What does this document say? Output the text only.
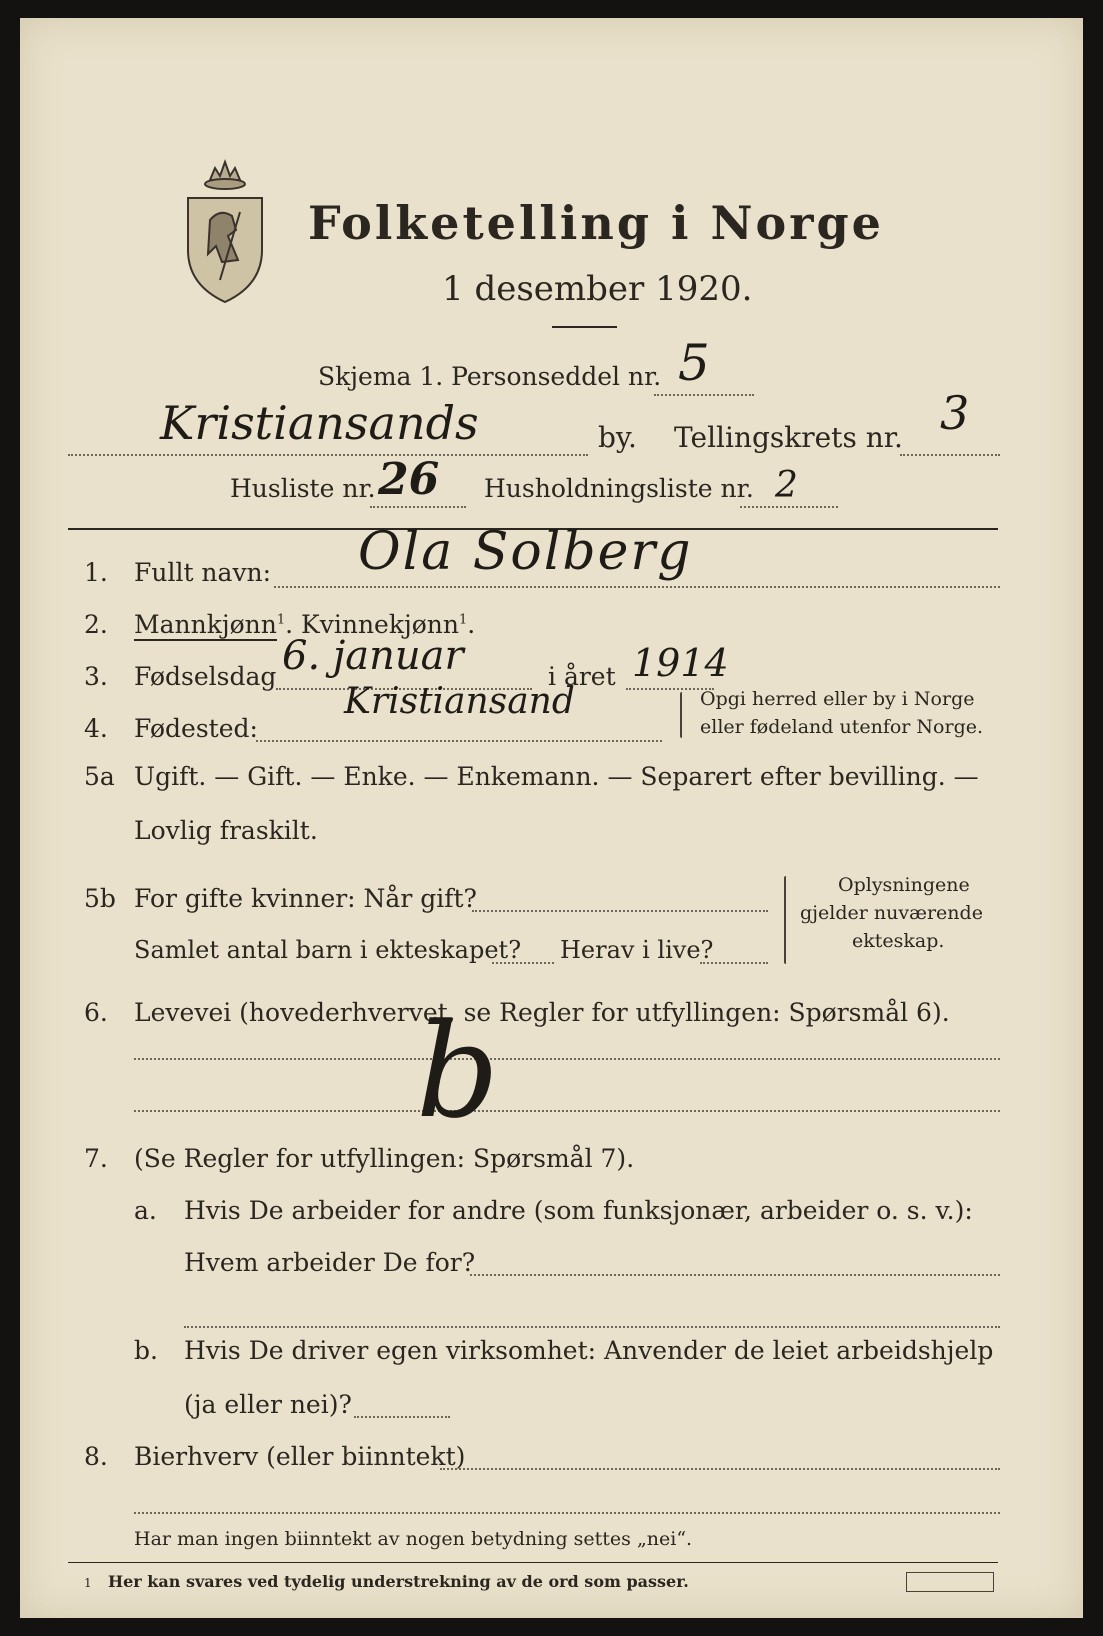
Folketelling i Norge
1 desember 1920.
Skjema 1. Personseddel nr. 5
Kristiansands	by. Tellingskrets nr. 3
Husliste nr. 26 Husholdningsliste nr. 2
1. Fullt navn: Ola Solberg
2. Mannkjønn$^1$. Kvinnekjønn$^1$.
3. Fødselsdag 6. januar	i året 1914
4. Fødested:
Kristiansand	Opgi herred eller by i Norge
eller fødeland utenfor Norge.
5a Ugift. — Gift. — Enke. — Enkemann. — Separert efter bevilling. —
Lovlig fraskilt.
5b For gifte kvinner: Når gift?
Samlet antal barn i ekteskapet? Herav i live?
Oplysningene
gjelder nuværende
ekteskap.
6. Levevei (hovederhvervet, se Regler for utfyllingen: Spørsmål 6).
b
7. (Se Regler for utfyllingen: Spørsmål 7).
a. Hvis De arbeider for andre (som funksjonær, arbeider o. s. v.):
Hvem arbeider De for?
b. Hvis De driver egen virksomhet: Anvender de leiet arbeidshjelp
(ja eller nei)?
8. Bierhverv (eller biinntekt)
Har man ingen biinntekt av nogen betydning settes „nei“.
1 Her kan svares ved tydelig understrekning av de ord som passer.
